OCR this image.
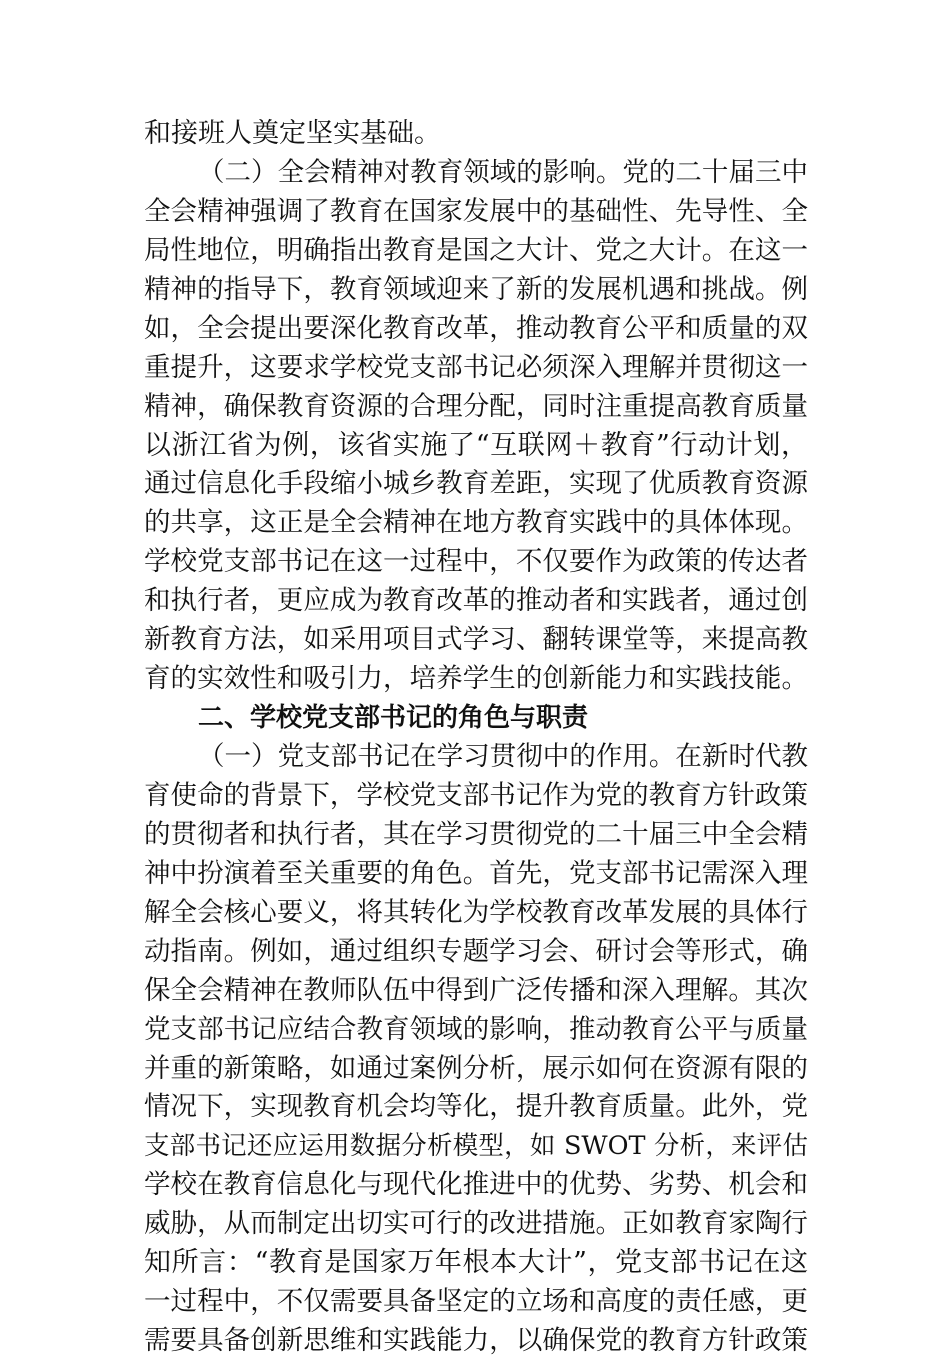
和接班人奠定坚实基础。
（二）全会精神对教育领域的影响。党的二十届三中
全会精神强调了教育在国家发展中的基础性、先导性、全
局性地位，明确指出教育是国之大计、党之大计。在这一
精神的指导下，教育领域迎来了新的发展机遇和挑战。例
如，全会提出要深化教育改革，推动教育公平和质量的双
重提升，这要求学校党支部书记必须深入理解并贯彻这一
精神，确保教育资源的合理分配，同时注重提高教育质量
以浙江省为例，该省实施了“互联网＋教育”行动计划，
通过信息化手段缩小城乡教育差距，实现了优质教育资源
的共享，这正是全会精神在地方教育实践中的具体体现。
学校党支部书记在这一过程中，不仅要作为政策的传达者
和执行者，更应成为教育改革的推动者和实践者，通过创
新教育方法，如采用项目式学习、翻转课堂等，来提高教
育的实效性和吸引力，培养学生的创新能力和实践技能。
二、学校党支部书记的角色与职责
（一）党支部书记在学习贯彻中的作用。在新时代教
育使命的背景下，学校党支部书记作为党的教育方针政策
的贯彻者和执行者，其在学习贯彻党的二十届三中全会精
神中扮演着至关重要的角色。首先，党支部书记需深入理
解全会核心要义，将其转化为学校教育改革发展的具体行
动指南。例如，通过组织专题学习会、研讨会等形式，确
保全会精神在教师队伍中得到广泛传播和深入理解。其次
党支部书记应结合教育领域的影响，推动教育公平与质量
并重的新策略，如通过案例分析，展示如何在资源有限的
情况下，实现教育机会均等化，提升教育质量。此外，党
支部书记还应运用数据分析模型，如 SWOT 分析，来评估
学校在教育信息化与现代化推进中的优势、劣势、机会和
威胁，从而制定出切实可行的改进措施。正如教育家陶行
知所言：“教育是国家万年根本大计”，党支部书记在这
一过程中，不仅需要具备坚定的立场和高度的责任感，更
需要具备创新思维和实践能力，以确保党的教育方针政策
